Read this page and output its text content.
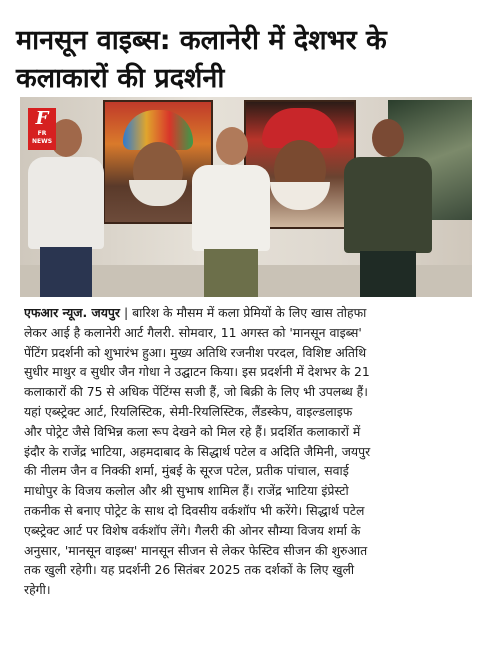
मानसून वाइब्स: कलानेरी में देशभर के कलाकारों की प्रदर्शनी
F
FR NEWS
एफआर न्यूज. जयपुर | बारिश के मौसम में कला प्रेमियों के लिए खास तोहफा
लेकर आई है कलानेरी आर्ट गैलरी. सोमवार, 11 अगस्त को 'मानसून वाइब्स'
पेंटिंग प्रदर्शनी को शुभारंभ हुआ। मुख्य अतिथि रजनीश परदल, विशिष्ट अतिथि
सुधीर माथुर व सुधीर जैन गोधा ने उद्घाटन किया। इस प्रदर्शनी में देशभर के 21
कलाकारों की 75 से अधिक पेंटिंग्स सजी हैं, जो बिक्री के लिए भी उपलब्ध हैं।
यहां एब्स्ट्रेक्ट आर्ट, रियलिस्टिक, सेमी-रियलिस्टिक, लैंडस्केप, वाइल्डलाइफ
और पोट्रेट जैसे विभिन्न कला रूप देखने को मिल रहे हैं। प्रदर्शित कलाकारों में
इंदौर के राजेंद्र भाटिया, अहमदाबाद के सिद्धार्थ पटेल व अदिति जैमिनी, जयपुर
की नीलम जैन व निक्की शर्मा, मुंबई के सूरज पटेल, प्रतीक पांचाल, सवाई
माधोपुर के विजय कलोल और श्री सुभाष शामिल हैं। राजेंद्र भाटिया इंप्रेस्टो
तकनीक से बनाए पोट्रेट के साथ दो दिवसीय वर्कशॉप भी करेंगे। सिद्धार्थ पटेल
एब्स्ट्रेक्ट आर्ट पर विशेष वर्कशॉप लेंगे। गैलरी की ओनर सौम्या विजय शर्मा के
अनुसार, 'मानसून वाइब्स' मानसून सीजन से लेकर फेस्टिव सीजन की शुरुआत
तक खुली रहेगी। यह प्रदर्शनी 26 सितंबर 2025 तक दर्शकों के लिए खुली
रहेगी।
